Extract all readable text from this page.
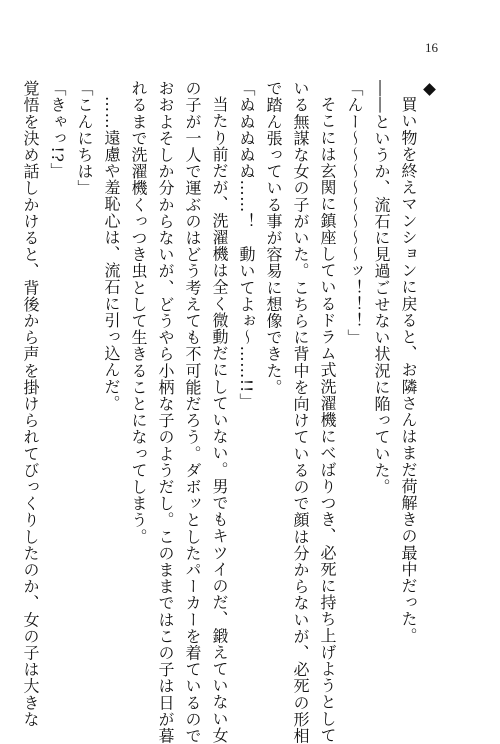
16
買い物を終えマンションに戻ると、お隣さんはまだ荷解きの最中だった。
――というか、流石に見過ごせない状況に陥っていた。
「んー～～～～～～～～ッ！！！」
そこには玄関に鎮座しているドラム式洗濯機にべばりつき、必死に持ち上げようとして
いる無謀な女の子がいた。こちらに背中を向けているので顔は分からないが、必死の形相
で踏ん張っている事が容易に想像できた。
「ぬぬぬぬぬ……！　動いてよぉ～……!!」
当たり前だが、洗濯機は全く微動だにしていない。男でもキツイのだ、鍛えていない女
の子が一人で運ぶのはどう考えても不可能だろう。ダボッとしたパーカーを着ているので
おおよそしか分からないが、どうやら小柄な子のようだし。このままではこの子は日が暮
れるまで洗濯機くっつき虫として生きることになってしまう。
……遠慮や羞恥心は、流石に引っ込んだ。
「こんにちは」
「きゃっ!?」
覚悟を決め話しかけると、背後から声を掛けられてびっくりしたのか、女の子は大きな
